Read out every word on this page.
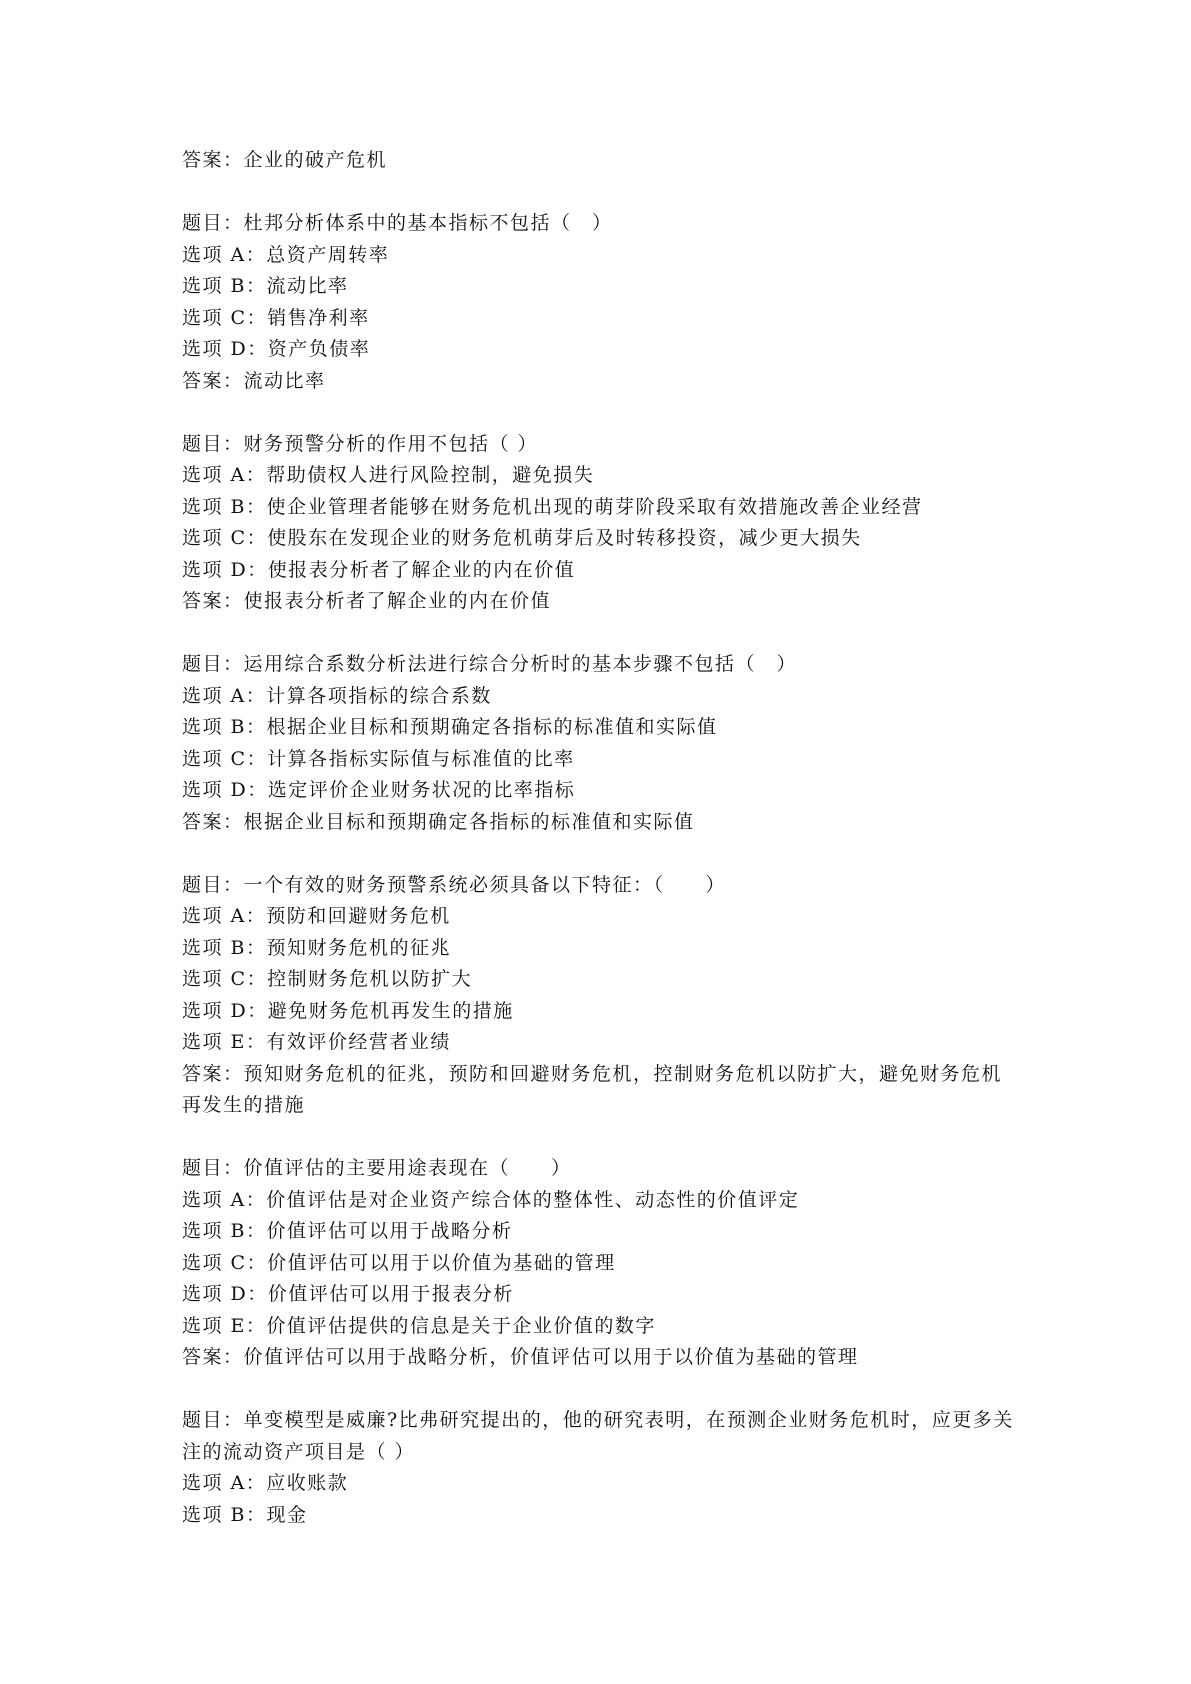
答案：企业的破产危机
题目：杜邦分析体系中的基本指标不包括（　）
选项 A：总资产周转率
选项 B：流动比率
选项 C：销售净利率
选项 D：资产负债率
答案：流动比率
题目：财务预警分析的作用不包括（ ）
选项 A：帮助债权人进行风险控制，避免损失
选项 B：使企业管理者能够在财务危机出现的萌芽阶段采取有效措施改善企业经营
选项 C：使股东在发现企业的财务危机萌芽后及时转移投资，减少更大损失
选项 D：使报表分析者了解企业的内在价值
答案：使报表分析者了解企业的内在价值
题目：运用综合系数分析法进行综合分析时的基本步骤不包括（　）
选项 A：计算各项指标的综合系数
选项 B：根据企业目标和预期确定各指标的标准值和实际值
选项 C：计算各指标实际值与标准值的比率
选项 D：选定评价企业财务状况的比率指标
答案：根据企业目标和预期确定各指标的标准值和实际值
题目：一个有效的财务预警系统必须具备以下特征：（　　）
选项 A：预防和回避财务危机
选项 B：预知财务危机的征兆
选项 C：控制财务危机以防扩大
选项 D：避免财务危机再发生的措施
选项 E：有效评价经营者业绩
答案：预知财务危机的征兆，预防和回避财务危机，控制财务危机以防扩大，避免财务危机再发生的措施
题目：价值评估的主要用途表现在（　　）
选项 A：价值评估是对企业资产综合体的整体性、动态性的价值评定
选项 B：价值评估可以用于战略分析
选项 C：价值评估可以用于以价值为基础的管理
选项 D：价值评估可以用于报表分析
选项 E：价值评估提供的信息是关于企业价值的数字
答案：价值评估可以用于战略分析，价值评估可以用于以价值为基础的管理
题目：单变模型是威廉?比弗研究提出的，他的研究表明，在预测企业财务危机时，应更多关注的流动资产项目是（ ）
选项 A：应收账款
选项 B：现金
